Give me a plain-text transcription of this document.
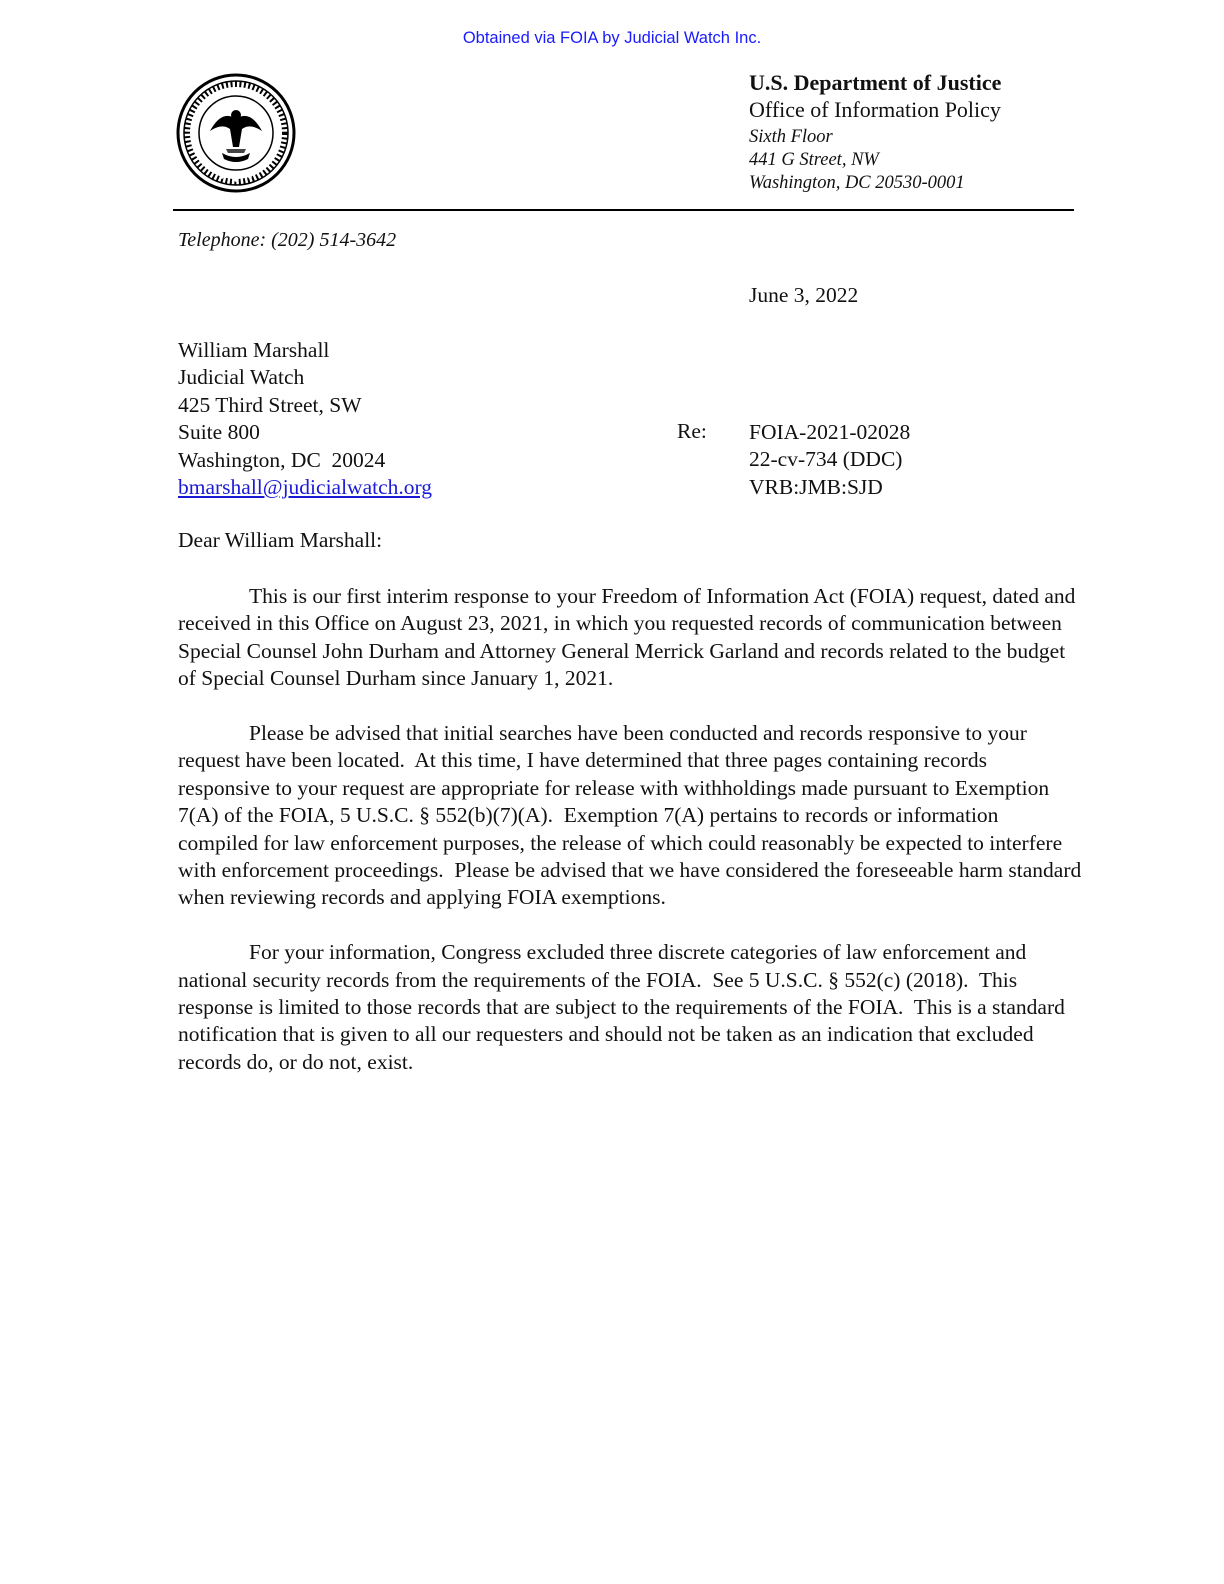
Obtained via FOIA by Judicial Watch Inc.
U.S. Department of Justice
Office of Information Policy
Sixth Floor
441 G Street, NW
Washington, DC 20530-0001
Telephone: (202) 514-3642
June 3, 2022
William Marshall
Judicial Watch
425 Third Street, SW
Suite 800
Washington, DC  20024
bmarshall@judicialwatch.org
Re: FOIA-2021-02028
22-cv-734 (DDC)
VRB:JMB:SJD
Dear William Marshall:

This is our first interim response to your Freedom of Information Act (FOIA) request, dated and received in this Office on August 23, 2021, in which you requested records of communication between Special Counsel John Durham and Attorney General Merrick Garland and records related to the budget of Special Counsel Durham since January 1, 2021.

Please be advised that initial searches have been conducted and records responsive to your request have been located.  At this time, I have determined that three pages containing records responsive to your request are appropriate for release with withholdings made pursuant to Exemption 7(A) of the FOIA, 5 U.S.C. § 552(b)(7)(A).  Exemption 7(A) pertains to records or information compiled for law enforcement purposes, the release of which could reasonably be expected to interfere with enforcement proceedings.  Please be advised that we have considered the foreseeable harm standard when reviewing records and applying FOIA exemptions.

For your information, Congress excluded three discrete categories of law enforcement and national security records from the requirements of the FOIA.  See 5 U.S.C. § 552(c) (2018).  This response is limited to those records that are subject to the requirements of the FOIA.  This is a standard notification that is given to all our requesters and should not be taken as an indication that excluded records do, or do not, exist.
